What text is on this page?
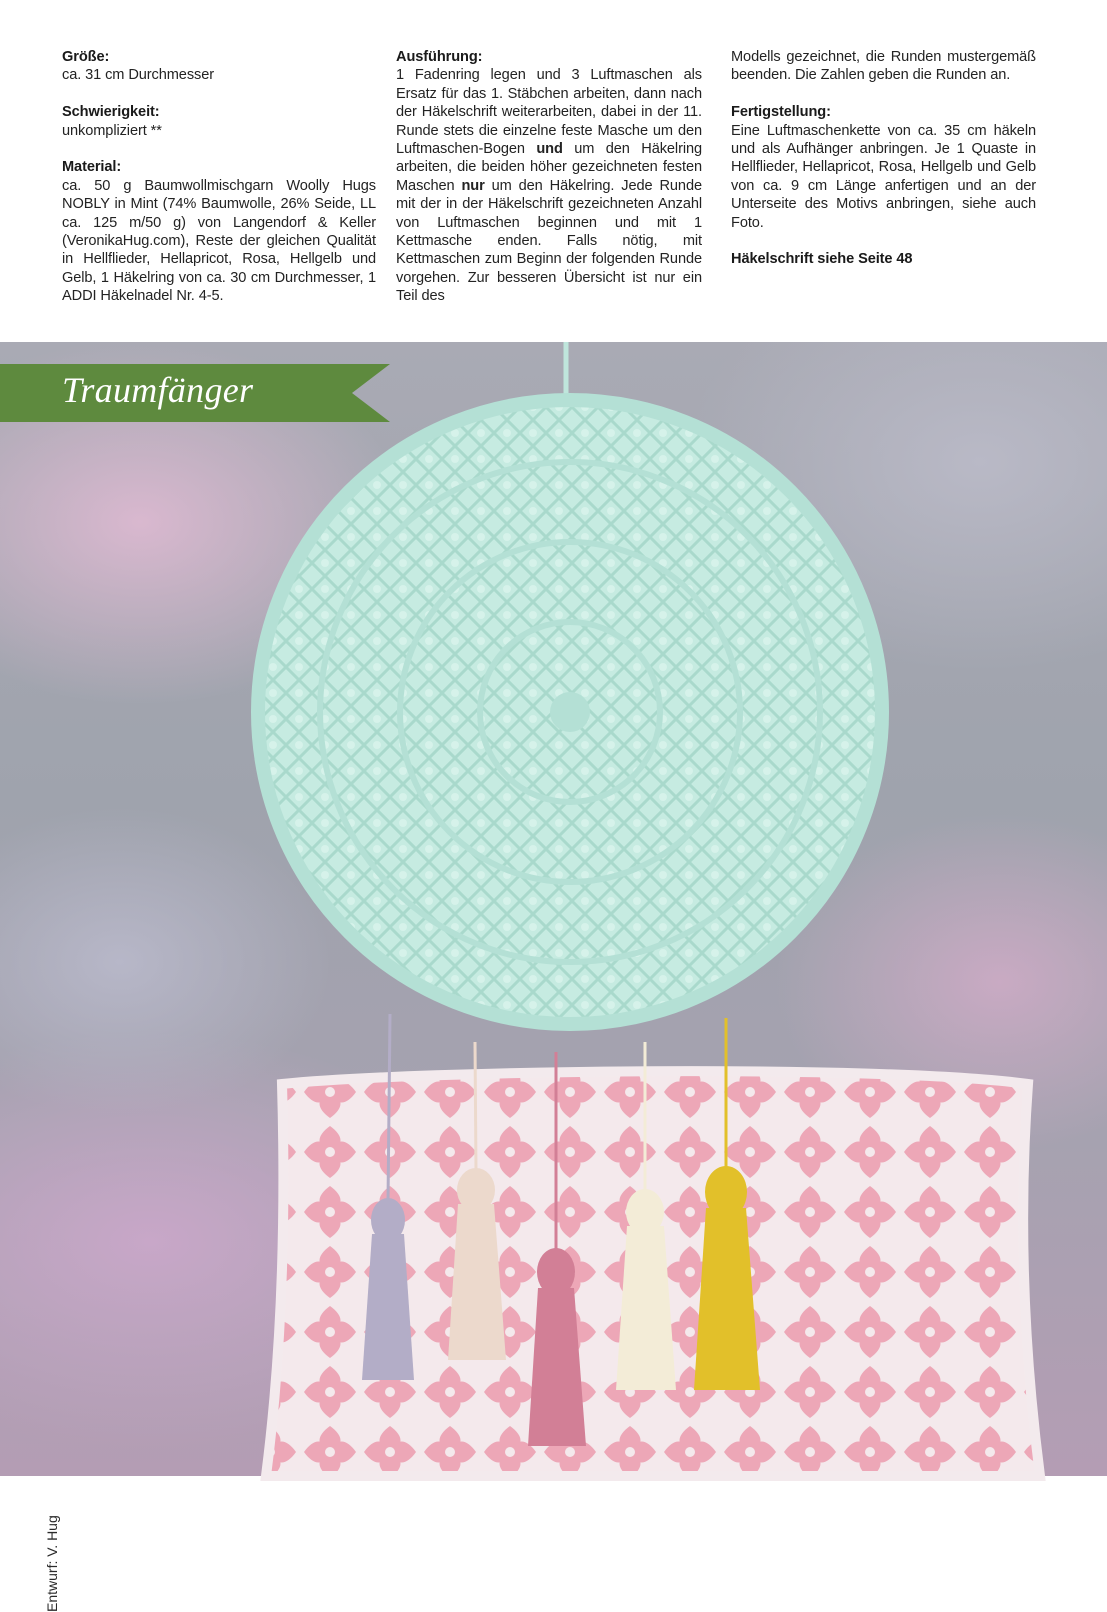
Größe:

ca. 31 cm Durchmesser

Schwierigkeit:

unkompliziert **

Material:

ca. 50 g Baumwollmischgarn Woolly Hugs NOBLY in Mint (74% Baumwolle, 26% Seide, LL ca. 125 m/50 g) von Langendorf & Keller (VeronikaHug.com), Reste der gleichen Qualität in Hellflieder, Hellapricot, Rosa, Hellgelb und Gelb, 1 Häkelring von ca. 30 cm Durchmesser, 1 ADDI Häkelnadel Nr. 4-5.

Ausführung:

1 Fadenring legen und 3 Luftmaschen als Ersatz für das 1. Stäbchen arbeiten, dann nach der Häkelschrift weiterarbeiten, dabei in der 11. Runde stets die einzelne feste Masche um den Luftmaschen-Bogen und um den Häkelring arbeiten, die beiden höher gezeichneten festen Maschen nur um den Häkelring. Jede Runde mit der in der Häkelschrift gezeichneten Anzahl von Luftmaschen beginnen und mit 1 Kettmasche enden. Falls nötig, mit Kettmaschen zum Beginn der folgenden Runde vorgehen. Zur besseren Übersicht ist nur ein Teil des

Modells gezeichnet, die Runden mustergemäß beenden. Die Zahlen geben die Runden an.

Fertigstellung:

Eine Luftmaschenkette von ca. 35 cm häkeln und als Aufhänger anbringen. Je 1 Quaste in Hellflieder, Hellapricot, Rosa, Hellgelb und Gelb von ca. 9 cm Länge anfertigen und an der Unterseite des Motivs anbringen, siehe auch Foto.

Häkelschrift siehe Seite 48
Traumfänger
Entwurf: V. Hug
